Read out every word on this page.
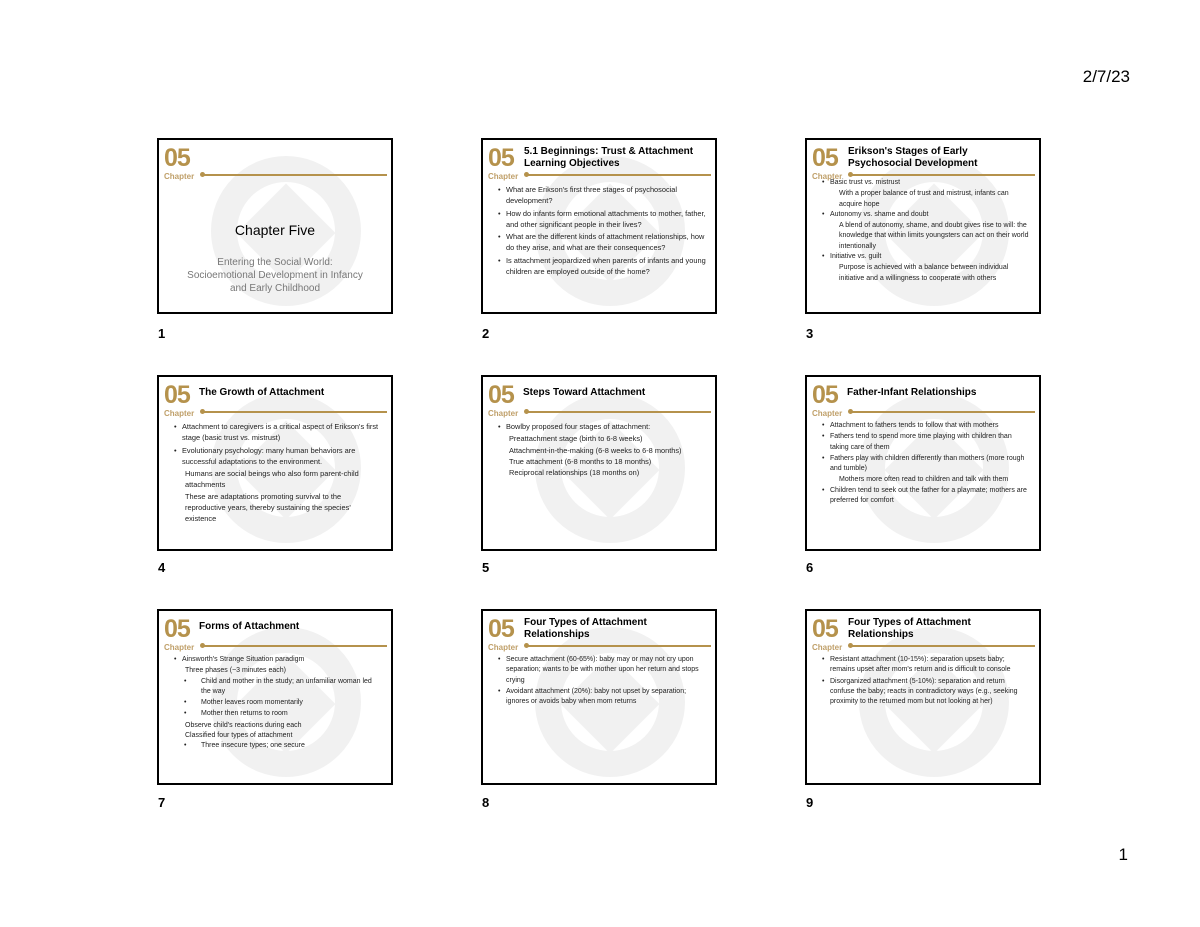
2/7/23
05
Chapter
Chapter Five
Entering the Social World: Socioemotional Development in Infancy and Early Childhood
1
05
Chapter
5.1 Beginnings: Trust & Attachment Learning Objectives
• What are Erikson's first three stages of psychosocial development?
• How do infants form emotional attachments to mother, father, and other significant people in their lives?
• What are the different kinds of attachment relationships, how do they arise, and what are their consequences?
• Is attachment jeopardized when parents of infants and young children are employed outside of the home?
2
05
Chapter
Erikson's Stages of Early Psychosocial Development
• Basic trust vs. mistrust
With a proper balance of trust and mistrust, infants can acquire hope
• Autonomy vs. shame and doubt
A blend of autonomy, shame, and doubt gives rise to will: the knowledge that within limits youngsters can act on their world intentionally
• Initiative vs. guilt
Purpose is achieved with a balance between individual initiative and a willingness to cooperate with others
3
05
Chapter
The Growth of Attachment
• Attachment to caregivers is a critical aspect of Erikson's first stage (basic trust vs. mistrust)
• Evolutionary psychology: many human behaviors are successful adaptations to the environment.
Humans are social beings who also form parent-child attachments
These are adaptations promoting survival to the reproductive years, thereby sustaining the species' existence
4
05
Chapter
Steps Toward Attachment
• Bowlby proposed four stages of attachment:
Preattachment stage (birth to 6-8 weeks)
Attachment-in-the-making (6-8 weeks to 6-8 months)
True attachment (6-8 months to 18 months)
Reciprocal relationships (18 months on)
5
05
Chapter
Father-Infant Relationships
• Attachment to fathers tends to follow that with mothers
• Fathers tend to spend more time playing with children than taking care of them
• Fathers play with children differently than mothers (more rough and tumble)
Mothers more often read to children and talk with them
• Children tend to seek out the father for a playmate; mothers are preferred for comfort
6
05
Chapter
Forms of Attachment
• Ainsworth's Strange Situation paradigm
Three phases (~3 minutes each)
• Child and mother in the study; an unfamiliar woman led the way
• Mother leaves room momentarily
• Mother then returns to room
Observe child's reactions during each
Classified four types of attachment
• Three insecure types; one secure
7
05
Chapter
Four Types of Attachment Relationships
• Secure attachment (60-65%): baby may or may not cry upon separation; wants to be with mother upon her return and stops crying
• Avoidant attachment (20%): baby not upset by separation; ignores or avoids baby when mom returns
8
05
Chapter
Four Types of Attachment Relationships
• Resistant attachment (10-15%): separation upsets baby; remains upset after mom's return and is difficult to console
• Disorganized attachment (5-10%): separation and return confuse the baby; reacts in contradictory ways (e.g., seeking proximity to the returned mom but not looking at her)
9
1
